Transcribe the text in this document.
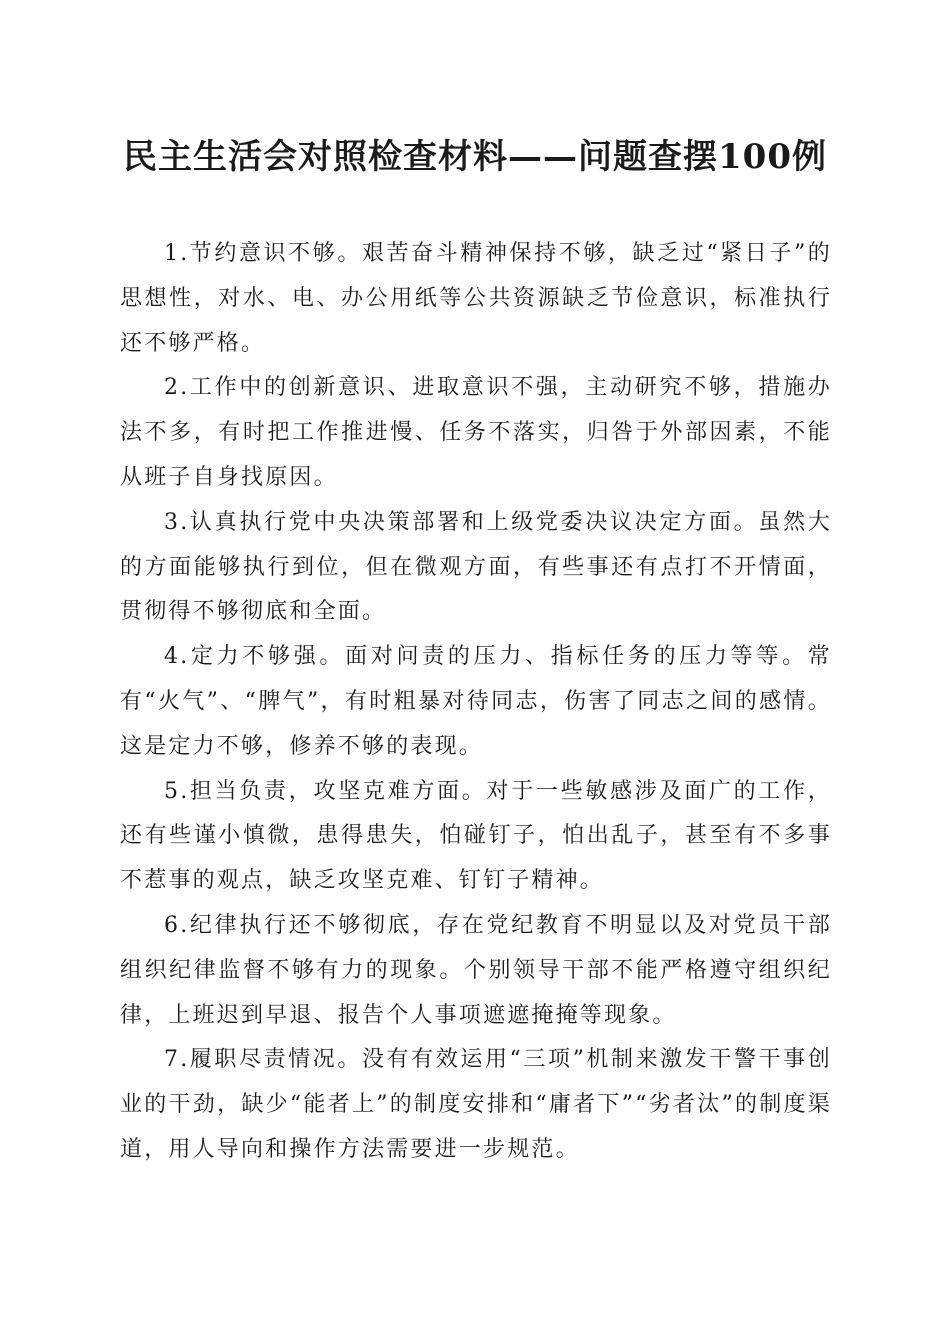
民主生活会对照检查材料——问题查摆100例

1.节约意识不够。艰苦奋斗精神保持不够，缺乏过“紧日子”的思想性，对水、电、办公用纸等公共资源缺乏节俭意识，标准执行还不够严格。

2.工作中的创新意识、进取意识不强，主动研究不够，措施办法不多，有时把工作推进慢、任务不落实，归咎于外部因素，不能从班子自身找原因。

3.认真执行党中央决策部署和上级党委决议决定方面。虽然大的方面能够执行到位，但在微观方面，有些事还有点打不开情面，贯彻得不够彻底和全面。

4.定力不够强。面对问责的压力、指标任务的压力等等。常有“火气”、“脾气”，有时粗暴对待同志，伤害了同志之间的感情。这是定力不够，修养不够的表现。

5.担当负责，攻坚克难方面。对于一些敏感涉及面广的工作，还有些谨小慎微，患得患失，怕碰钉子，怕出乱子，甚至有不多事不惹事的观点，缺乏攻坚克难、钉钉子精神。

6.纪律执行还不够彻底，存在党纪教育不明显以及对党员干部组织纪律监督不够有力的现象。个别领导干部不能严格遵守组织纪律，上班迟到早退、报告个人事项遮遮掩掩等现象。

7.履职尽责情况。没有有效运用“三项”机制来激发干警干事创业的干劲，缺少“能者上”的制度安排和“庸者下”“劣者汰”的制度渠道，用人导向和操作方法需要进一步规范。
